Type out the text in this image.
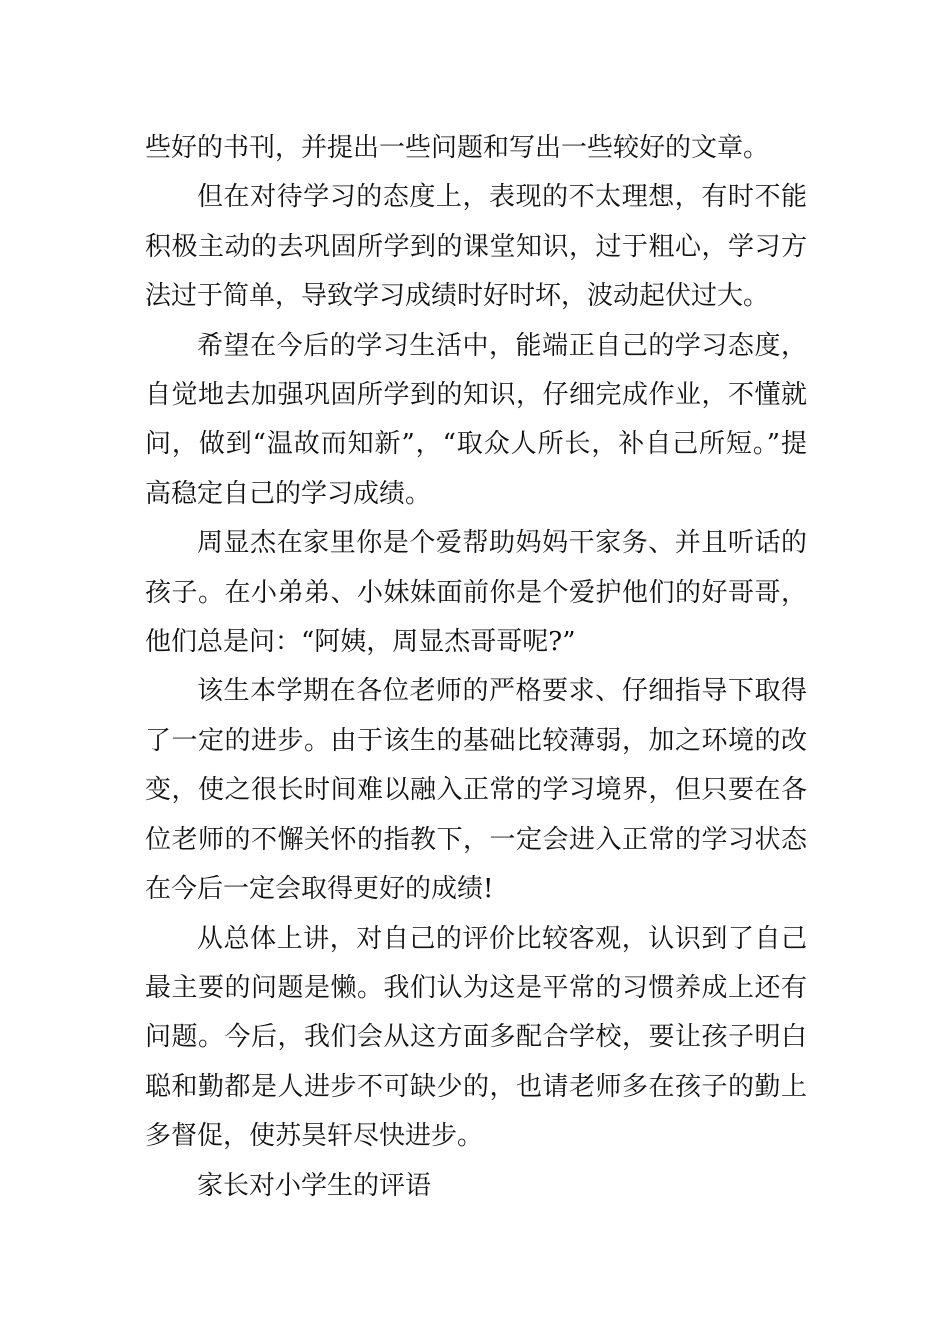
些好的书刊，并提出一些问题和写出一些较好的文章。

但在对待学习的态度上，表现的不太理想，有时不能积极主动的去巩固所学到的课堂知识，过于粗心，学习方法过于简单，导致学习成绩时好时坏，波动起伏过大。

希望在今后的学习生活中，能端正自己的学习态度，自觉地去加强巩固所学到的知识，仔细完成作业，不懂就问，做到“温故而知新”，“取众人所长，补自己所短。”提高稳定自己的学习成绩。

周显杰在家里你是个爱帮助妈妈干家务、并且听话的孩子。在小弟弟、小妹妹面前你是个爱护他们的好哥哥，他们总是问：“阿姨，周显杰哥哥呢?”

该生本学期在各位老师的严格要求、仔细指导下取得了一定的进步。由于该生的基础比较薄弱，加之环境的改变，使之很长时间难以融入正常的学习境界，但只要在各位老师的不懈关怀的指教下，一定会进入正常的学习状态在今后一定会取得更好的成绩!

从总体上讲，对自己的评价比较客观，认识到了自己最主要的问题是懒。我们认为这是平常的习惯养成上还有问题。今后，我们会从这方面多配合学校，要让孩子明白聪和勤都是人进步不可缺少的，也请老师多在孩子的勤上多督促，使苏昊轩尽快进步。

家长对小学生的评语
